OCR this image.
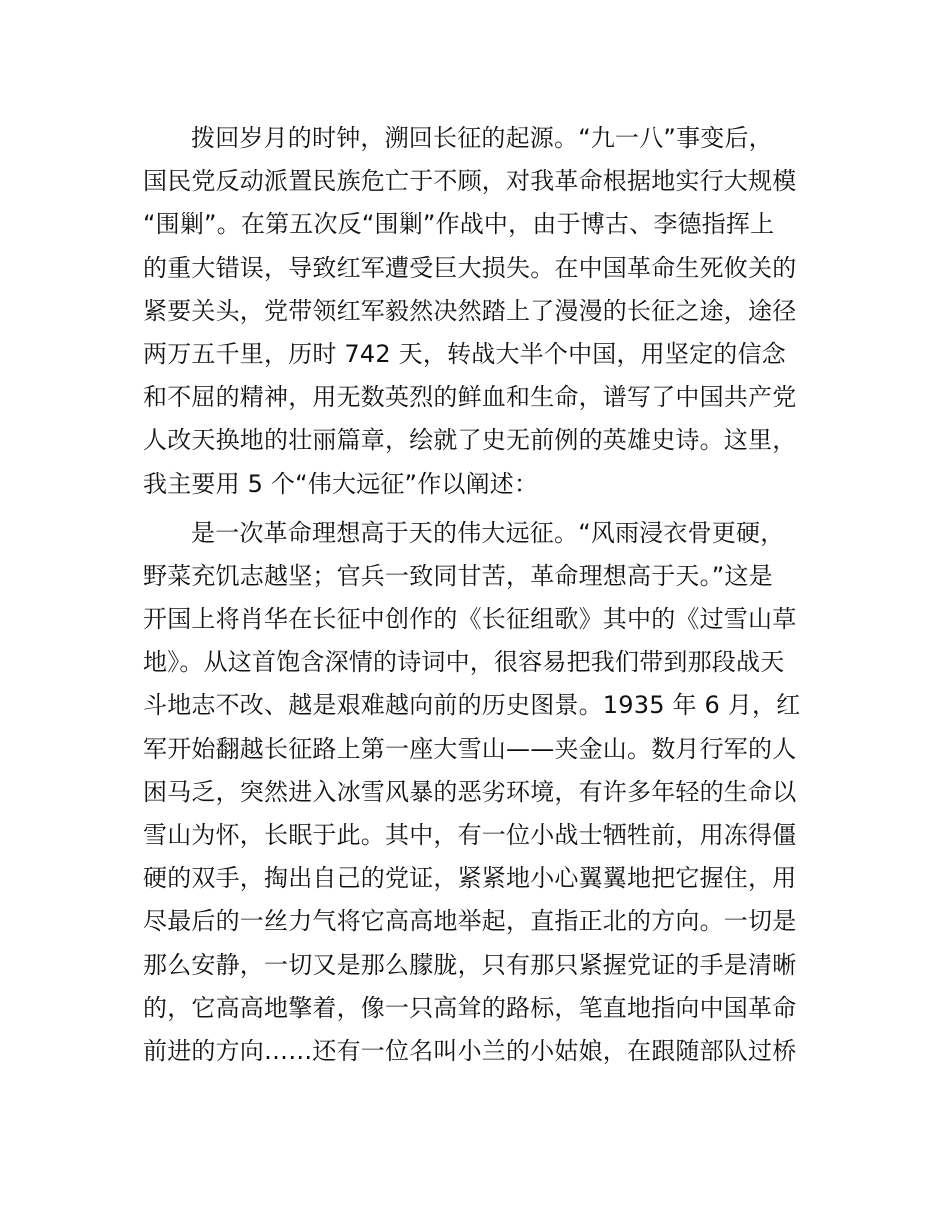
拨回岁月的时钟，溯回长征的起源。“九一八”事变后，
国民党反动派置民族危亡于不顾，对我革命根据地实行大规模
“围剿”。在第五次反“围剿”作战中，由于博古、李德指挥上
的重大错误，导致红军遭受巨大损失。在中国革命生死攸关的
紧要关头，党带领红军毅然决然踏上了漫漫的长征之途，途径
两万五千里，历时 742 天，转战大半个中国，用坚定的信念
和不屈的精神，用无数英烈的鲜血和生命，谱写了中国共产党
人改天换地的壮丽篇章，绘就了史无前例的英雄史诗。这里，
我主要用 5 个“伟大远征”作以阐述：
是一次革命理想高于天的伟大远征。“风雨浸衣骨更硬，
野菜充饥志越坚；官兵一致同甘苦，革命理想高于天。”这是
开国上将肖华在长征中创作的《长征组歌》其中的《过雪山草
地》。从这首饱含深情的诗词中，很容易把我们带到那段战天
斗地志不改、越是艰难越向前的历史图景。1935 年 6 月，红
军开始翻越长征路上第一座大雪山——夹金山。数月行军的人
困马乏，突然进入冰雪风暴的恶劣环境，有许多年轻的生命以
雪山为怀，长眠于此。其中，有一位小战士牺牲前，用冻得僵
硬的双手，掏出自己的党证，紧紧地小心翼翼地把它握住，用
尽最后的一丝力气将它高高地举起，直指正北的方向。一切是
那么安静，一切又是那么朦胧，只有那只紧握党证的手是清晰
的，它高高地擎着，像一只高耸的路标，笔直地指向中国革命
前进的方向……还有一位名叫小兰的小姑娘，在跟随部队过桥
